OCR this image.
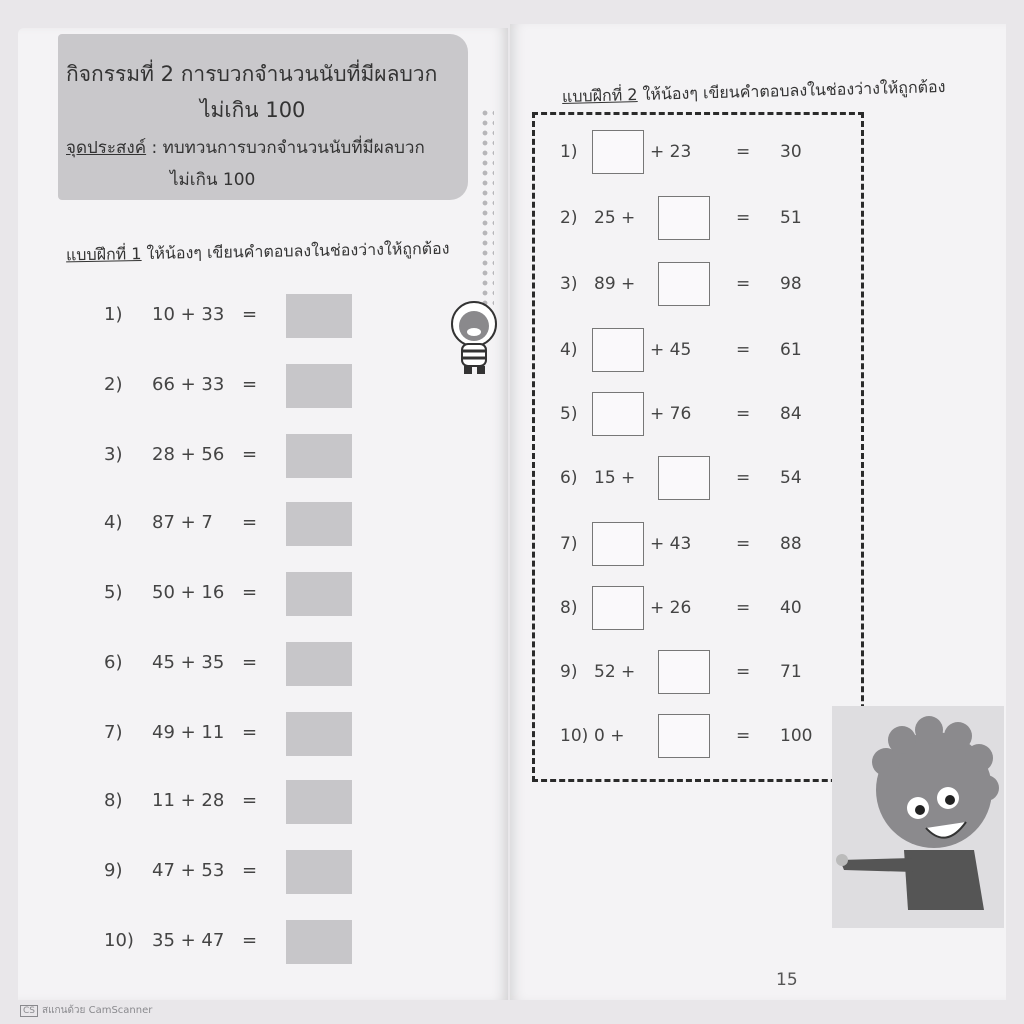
กิจกรรมที่ 2 การบวกจำนวนนับที่มีผลบวก
ไม่เกิน 100
จุดประสงค์ : ทบทวนการบวกจำนวนนับที่มีผลบวก
ไม่เกิน 100
แบบฝึกที่ 1 ให้น้องๆ เขียนคำตอบลงในช่องว่างให้ถูกต้อง
1) 10 + 33 =
2) 66 + 33 =
3) 28 + 56 =
4) 87 + 7 =
5) 50 + 16 =
6) 45 + 35 =
7) 49 + 11 =
8) 11 + 28 =
9) 47 + 53 =
10) 35 + 47 =
แบบฝึกที่ 2 ให้น้องๆ เขียนคำตอบลงในช่องว่างให้ถูกต้อง
1)	+ 23	= 30
2) 25 +	= 51
3) 89 +	= 98
4)	+ 45	= 61
5)	+ 76	= 84
6) 15 +	= 54
7)	+ 43	= 88
8)	+ 26	= 40
9) 52 +	= 71
10) 0 +	= 100
15
CS สแกนด้วย CamScanner
